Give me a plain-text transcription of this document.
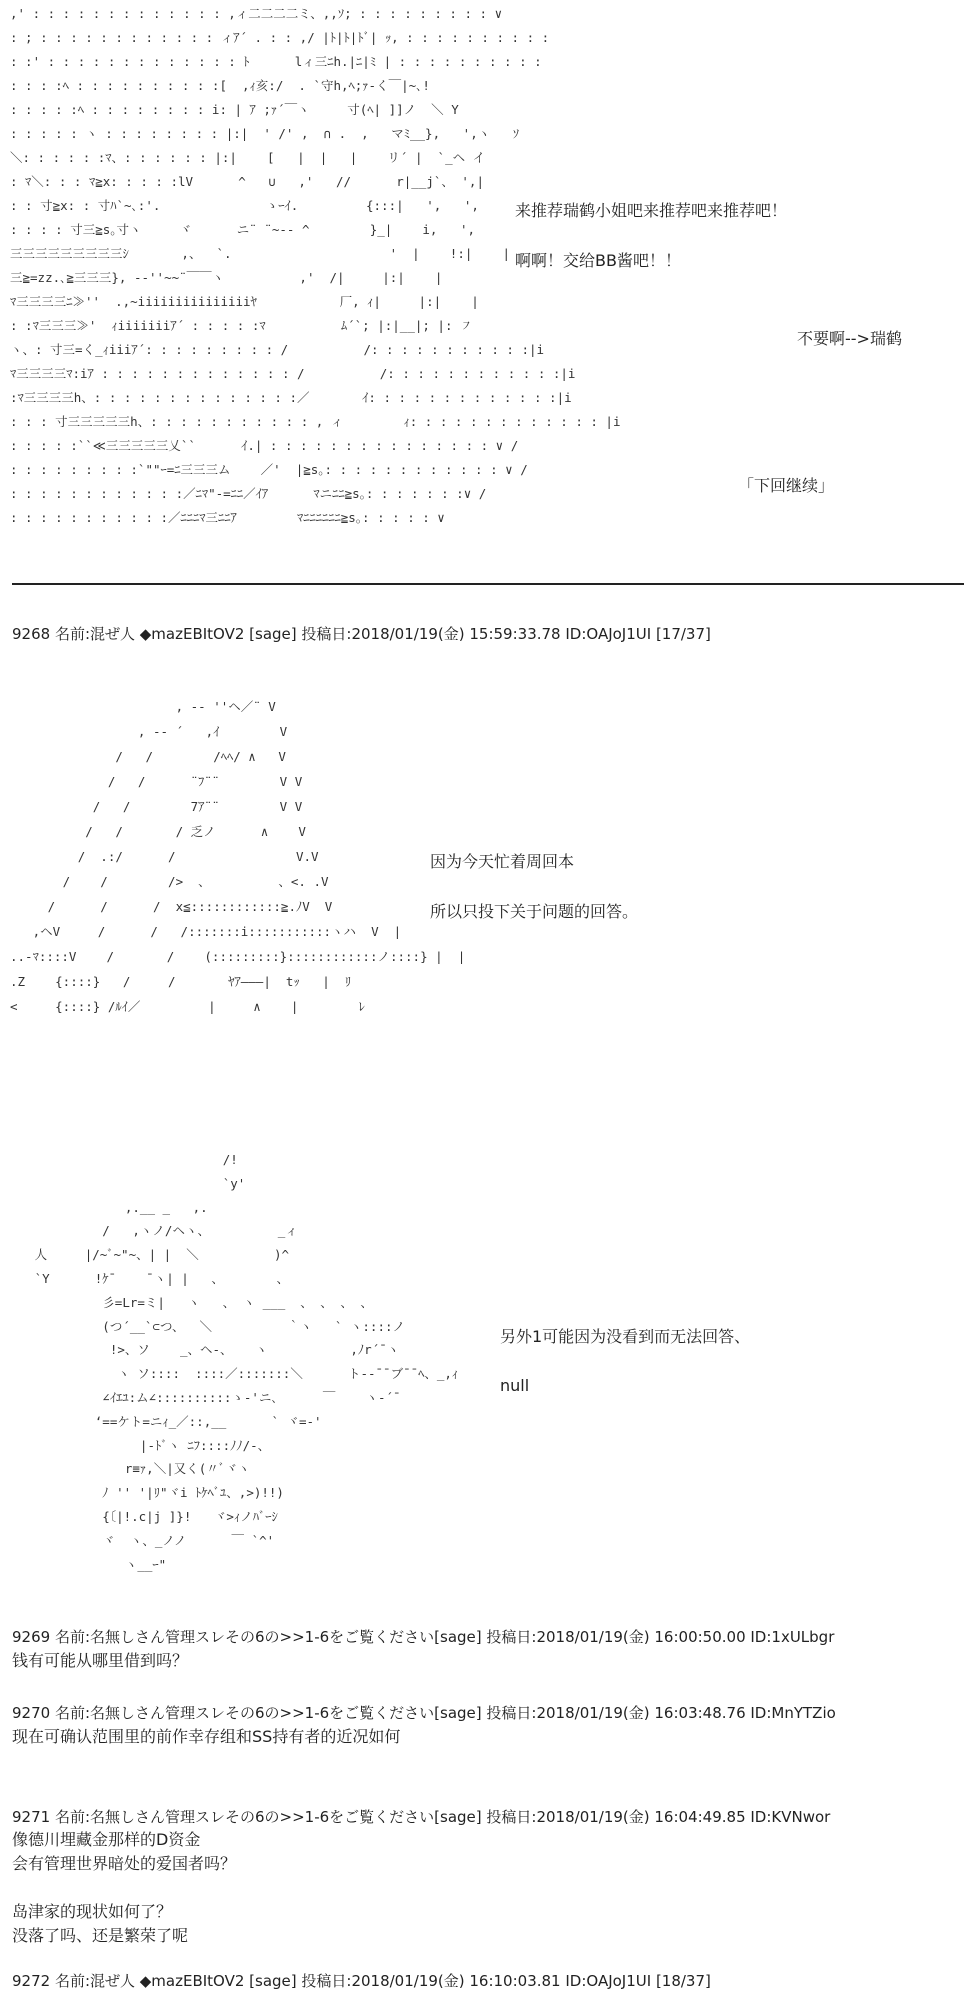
,' : : : : : : : : : : : : : ,ィ二二二二ミ、,,ｿ; : : : : : : : : : ∨
: ; : : : : : : : : : : : : ィｱ´ . : : ,/ |ﾄ|ﾄ|ﾄﾞ| ｯ, : : : : : : : : : :
: :' : : : : : : : : : : : : : ﾄ      lィ三ﾆh.|ﾆ|ﾐ | : : : : : : : : : :
: : : :ﾍ : : : : : : : : : :[  ,ｨ亥:/  . `守h,ﾍ;ｧ-く￣|~､!
: : : : :ﾍ : : : : : : : : i: | ｱ ;ｧ´￣ヽ     寸(ﾍ| ]]ノ  ＼ Y
: : : : : ヽ : : : : : : : : |:|  ' /' ,  ∩ .  ,   マﾐ__},   ',ヽ   ｿ
＼: : : : : :ﾏ、: : : : : : |:|    [   |  |   |    リ´ |  `_ヘ イ
: ﾏ＼: : : ﾏ≧x: : : : :lV      ^   ∪   ,'   //      r|__j`、 ',|
: : 寸≧x: : 寸ﾊ`~､:'.              ゝｰｲ.         {:::|   ',   ',
: : : : 寸三≧s｡寸ヽ     ヾ      ニ¨ ¨~-‐ ^        }_|    i,   ',
三三三三三三三三三ｼ       ,、  `.                     '  |    !:|    |
三≧=zz.､≧三三三}, -‐''~~¨￣￣ヽ          ,'  /|     |:|    |
ﾏ三三三三ﾆ≫''  .,~iiiiiiiiiiiiiiiﾔ           厂, ｨ|     |:|    |
: :ﾏ三三三≫'  ｨiiiiiiiｱ´ : : : : :ﾏ          ﾑ´`; |:|__|; |: ㇇
ヽ、: 寸三=く_ｨiiiｱ´: : : : : : : : : /          /: : : : : : : : : : :|i
ﾏ三三三三ﾏ:iｱ : : : : : : : : : : : : : /          /: : : : : : : : : : : :|i
:ﾏ三三三三h、: : : : : : : : : : : : : :／       ｲ: : : : : : : : : : : : :|i
: : : 寸三三三三三h、: : : : : : : : : : : , ィ        ｨ: : : : : : : : : : : : : |i
: : : : :``≪三三三三三乂``      ｲ.| : : : : : : : : : : : : : : : ∨ /
: : : : : : : : :`""ｰ=ﾆ三三三ム    ／'  |≧s｡: : : : : : : : : : : : ∨ /
: : : : : : : : : : : :／ﾆﾏ"-=ﾆﾆ／ｲｱ      ﾏニﾆﾆ≧s｡: : : : : : :∨ /
: : : : : : : : : : :／ﾆﾆﾆﾏ三ﾆﾆｱ        ﾏﾆﾆﾆﾆﾆﾆ≧s｡: : : : : ∨
来推荐瑞鹤小姐吧来推荐吧来推荐吧！
啊啊！交给BB酱吧！！
不要啊-->瑞鹤
「下回继续」
9268 名前:混ぜ人 ◆mazEBItOV2 [sage] 投稿日:2018/01/19(金) 15:59:33.78 ID:OAJoJ1UI [17/37]
, -‐ ''ヘ／¨ V
, -‐ ´   ,ｲ        V
/   /        /ﾍﾍ/ ∧   V
/   /      ¨ﾌ¨¨        V V
/   /        7ｱ¨¨        V V
/   /       / 乏ノ      ∧    V
/  .:/      /                V.V
/    /        />  、         、<. .V
/      /      /  x≦::::::::::::≧.ﾉV  V
,ヘV     /      /   /:::::::i:::::::::::ヽハ  V  |
..‐ﾏ::::V    /       /    (:::::::::}::::::::::::ノ::::} |  |
.Z    {::::}   /     /       ﾔｱ―――|  tｯ   |  ﾘ
<     {::::} /ﾙｲ／         |     ∧    |        ﾚ
因为今天忙着周回本
所以只投下关于问题的回答。
/!
`y'
,.__ _   ,.
/   ,ヽノ/ヘヽ、         _ィ
人     |/~ﾞ~"~、| |  ＼          )^
`Y      !ｹ¯    ¯ヽ| |   、       、
彡=Lr=ミ|   ヽ   、 ヽ ___  、 、 、 、
(つ´__`⊂つ、  ＼          ｀ヽ   ` ヽ::::ノ
!>、ソ    _、ヘ-、   ヽ           ,ﾉr´¯ヽ
ヽ ソ::::  ::::／:::::::＼      ト--¯¯ブ¯¯ﾍ、_,ｨ
∠ｲｴﾕ:ム∠::::::::::ゝ-'ニ､      ￣    ヽ-´¯
‘==ケト=ニｨ_／::,__      ` ヾ=-'
|-ﾄﾞヽ ﾆﾌ::::ﾉﾉ/‐、
r≡ｧ,＼|又く(〃ﾞヾヽ
ﾉ '' '|ﾘ"ヾi ﾄｹﾍﾞﾕ、,>)!!)
{〔|!.c|j ]}!   ヾ>ｨノﾊﾞｰｼ
ヾ  ヽ、_ノノ      ￣ `^'
ヽ__ｰ"
另外1可能因为没看到而无法回答、
null
9269 名前:名無しさん管理スレその6の>>1-6をご覧ください[sage] 投稿日:2018/01/19(金) 16:00:50.00 ID:1xULbgr
钱有可能从哪里借到吗？
9270 名前:名無しさん管理スレその6の>>1-6をご覧ください[sage] 投稿日:2018/01/19(金) 16:03:48.76 ID:MnYTZio
现在可确认范围里的前作幸存组和SS持有者的近况如何
9271 名前:名無しさん管理スレその6の>>1-6をご覧ください[sage] 投稿日:2018/01/19(金) 16:04:49.85 ID:KVNwor
像德川埋藏金那样的D资金
会有管理世界暗处的爱国者吗？
岛津家的现状如何了？
没落了吗、还是繁荣了呢
9272 名前:混ぜ人 ◆mazEBItOV2 [sage] 投稿日:2018/01/19(金) 16:10:03.81 ID:OAJoJ1UI [18/37]
